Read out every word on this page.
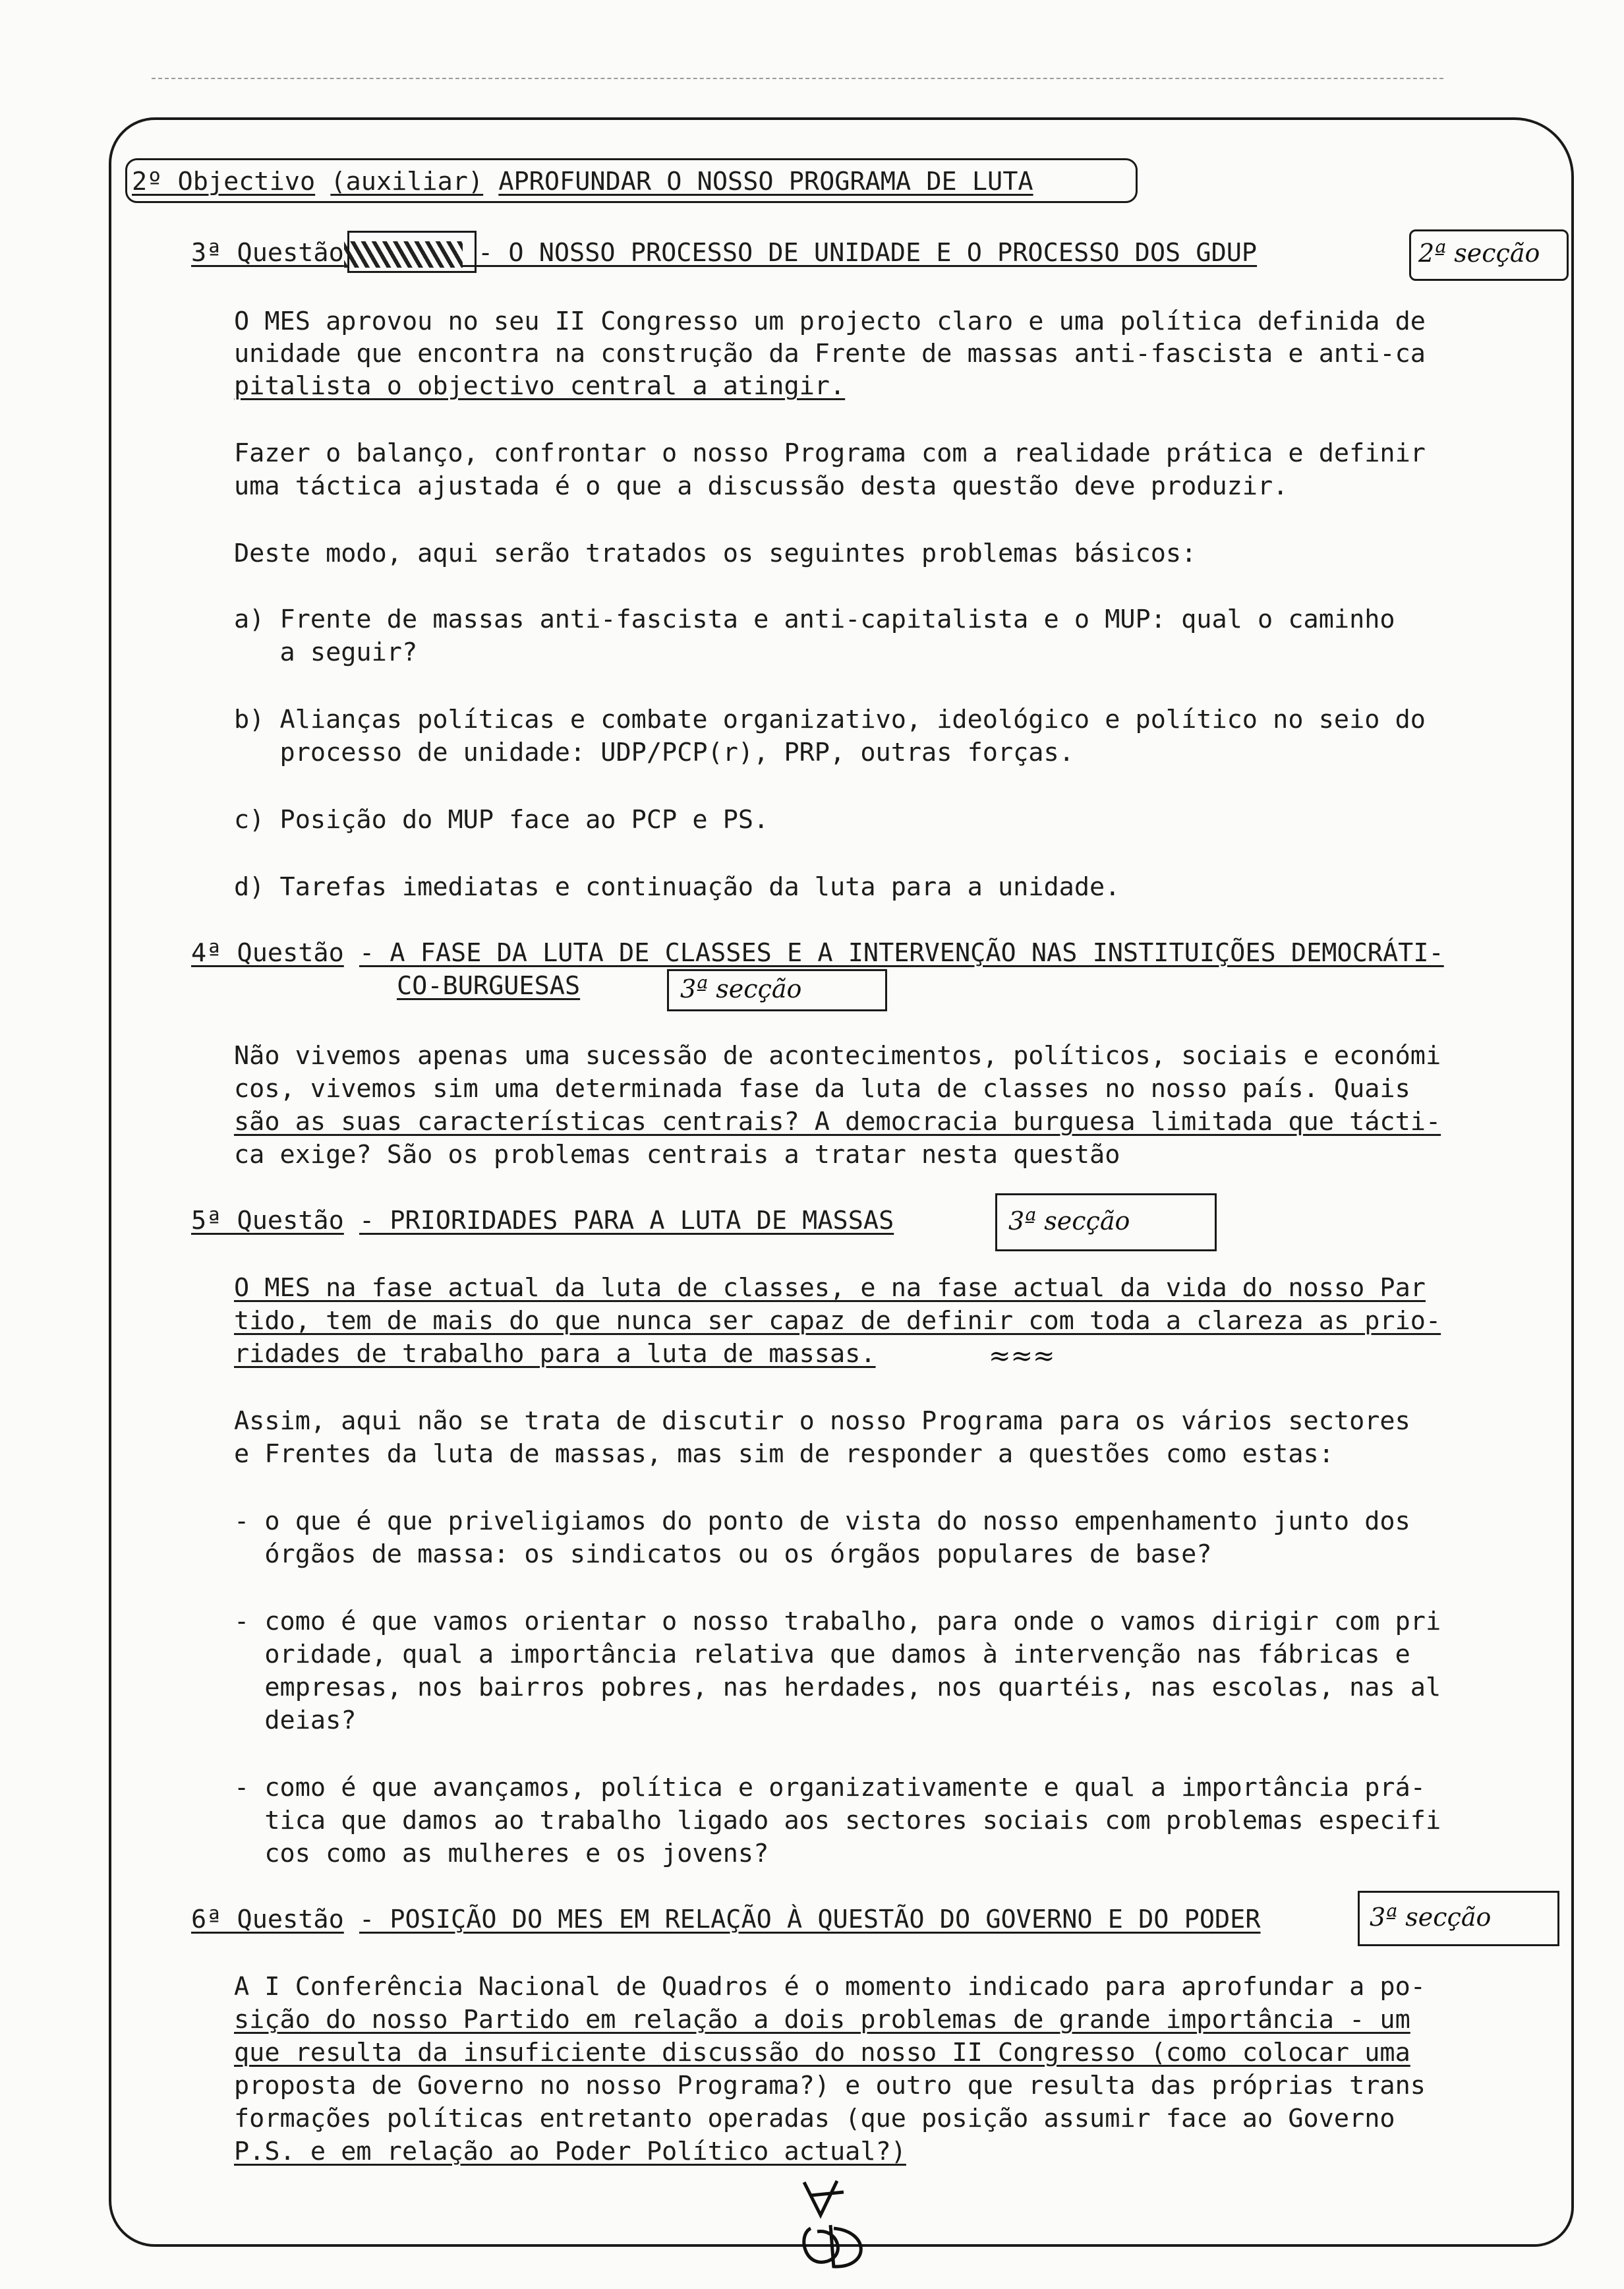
2º Objectivo (auxiliar) APROFUNDAR O NOSSO PROGRAMA DE LUTA
3ª Questão	- O NOSSO PROCESSO DE UNIDADE E O PROCESSO DOS GDUP	2ª secção
O MES aprovou no seu II Congresso um projecto claro e uma política definida de
unidade que encontra na construção da Frente de massas anti-fascista e anti-ca
pitalista o objectivo central a atingir.
Fazer o balanço, confrontar o nosso Programa com a realidade prática e definir
uma táctica ajustada é o que a discussão desta questão deve produzir.
Deste modo, aqui serão tratados os seguintes problemas básicos:
a) Frente de massas anti-fascista e anti-capitalista e o MUP: qual o caminho
a seguir?
b) Alianças políticas e combate organizativo, ideológico e político no seio do
processo de unidade: UDP/PCP(r), PRP, outras forças.
c) Posição do MUP face ao PCP e PS.
d) Tarefas imediatas e continuação da luta para a unidade.
4ª Questão - A FASE DA LUTA DE CLASSES E A INTERVENÇÃO NAS INSTITUIÇÕES DEMOCRÁTI-
CO-BURGUESAS	3ª secção
Não vivemos apenas uma sucessão de acontecimentos, políticos, sociais e económi
cos, vivemos sim uma determinada fase da luta de classes no nosso país. Quais
são as suas características centrais? A democracia burguesa limitada que tácti-
ca exige? São os problemas centrais a tratar nesta questão
5ª Questão - PRIORIDADES PARA A LUTA DE MASSAS	3ª secção
O MES na fase actual da luta de classes, e na fase actual da vida do nosso Par
tido, tem de mais do que nunca ser capaz de definir com toda a clareza as prio-
ridades de trabalho para a luta de massas.	≈≈≈
Assim, aqui não se trata de discutir o nosso Programa para os vários sectores
e Frentes da luta de massas, mas sim de responder a questões como estas:
- o que é que priveligiamos do ponto de vista do nosso empenhamento junto dos
órgãos de massa: os sindicatos ou os órgãos populares de base?
- como é que vamos orientar o nosso trabalho, para onde o vamos dirigir com pri
oridade, qual a importância relativa que damos à intervenção nas fábricas e
empresas, nos bairros pobres, nas herdades, nos quartéis, nas escolas, nas al
deias?
- como é que avançamos, política e organizativamente e qual a importância prá-
tica que damos ao trabalho ligado aos sectores sociais com problemas especifi
cos como as mulheres e os jovens?
6ª Questão - POSIÇÃO DO MES EM RELAÇÃO À QUESTÃO DO GOVERNO E DO PODER	3ª secção
A I Conferência Nacional de Quadros é o momento indicado para aprofundar a po-
sição do nosso Partido em relação a dois problemas de grande importância - um
que resulta da insuficiente discussão do nosso II Congresso (como colocar uma
proposta de Governo no nosso Programa?) e outro que resulta das próprias trans
formações políticas entretanto operadas (que posição assumir face ao Governo
P.S. e em relação ao Poder Político actual?)
